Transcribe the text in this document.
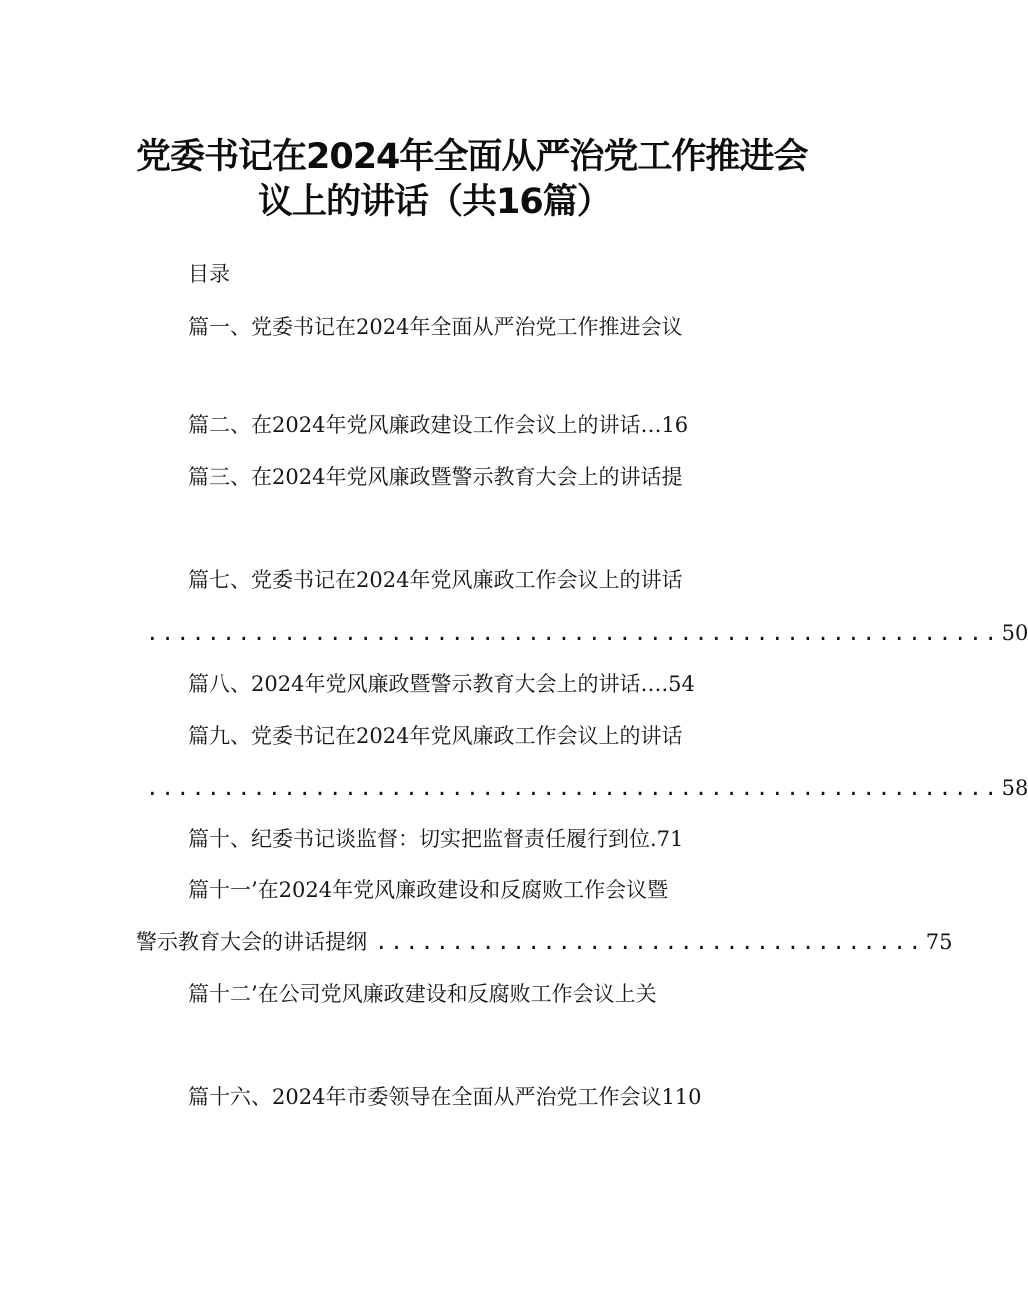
党委书记在2024年全面从严治党工作推进会
议上的讲话（共16篇）
目录
篇一、党委书记在2024年全面从严治党工作推进会议
篇二、在2024年党风廉政建设工作会议上的讲话…16
篇三、在2024年党风廉政暨警示教育大会上的讲话提
篇七、党委书记在2024年党风廉政工作会议上的讲话
........................................................ 50
篇八、2024年党风廉政暨警示教育大会上的讲话….54
篇九、党委书记在2024年党风廉政工作会议上的讲话
........................................................ 58
篇十、纪委书记谈监督：切实把监督责任履行到位.71
篇十一’在2024年党风廉政建设和反腐败工作会议暨
警示教育大会的讲话提纲 .................................... 75
篇十二’在公司党风廉政建设和反腐败工作会议上关
篇十六、2024年市委领导在全面从严治党工作会议110
